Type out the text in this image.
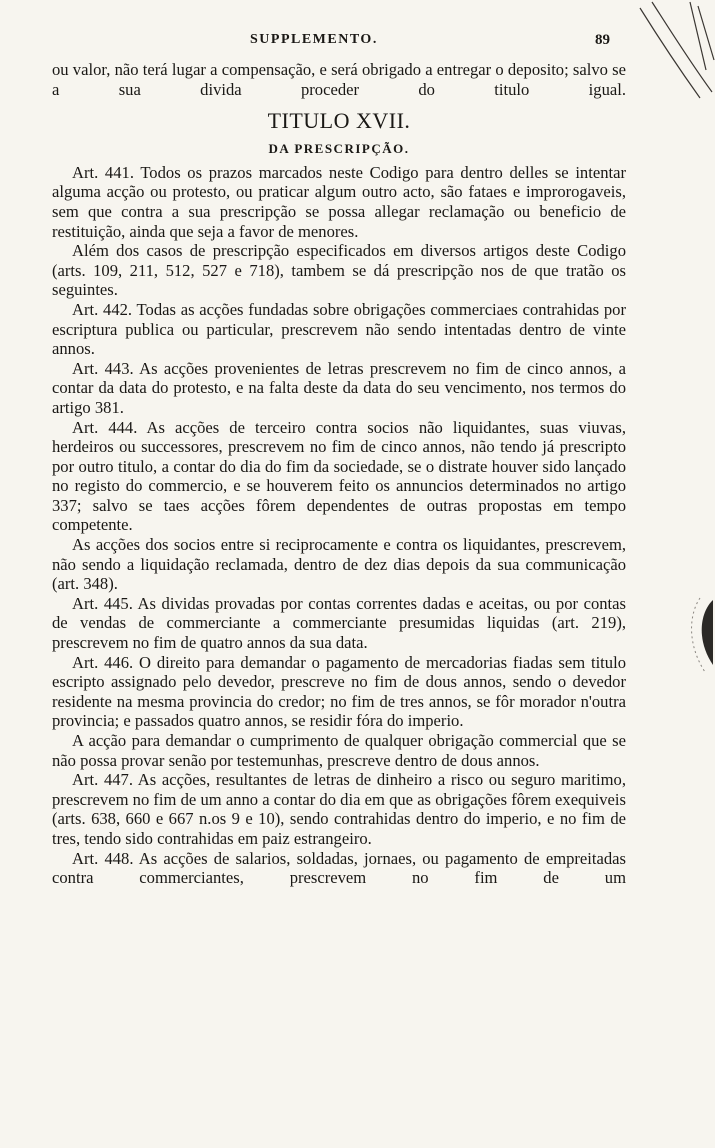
SUPPLEMENTO.	89

ou valor, não terá lugar a compensação, e será obrigado a entregar o deposito; salvo se a sua divida proceder do titulo igual.

TITULO XVII.

DA PRESCRIPÇÃO.

Art. 441. Todos os prazos marcados neste Codigo para dentro delles se intentar alguma acção ou protesto, ou praticar algum outro acto, são fataes e improrogaveis, sem que contra a sua prescripção se possa allegar reclamação ou beneficio de restituição, ainda que seja a favor de menores.

Além dos casos de prescripção especificados em diversos artigos deste Codigo (arts. 109, 211, 512, 527 e 718), tambem se dá prescripção nos de que tratão os seguintes.

Art. 442. Todas as acções fundadas sobre obrigações commerciaes contrahidas por escriptura publica ou particular, prescrevem não sendo intentadas dentro de vinte annos.

Art. 443. As acções provenientes de letras prescrevem no fim de cinco annos, a contar da data do protesto, e na falta deste da data do seu vencimento, nos termos do artigo 381.

Art. 444. As acções de terceiro contra socios não liquidantes, suas viuvas, herdeiros ou successores, prescrevem no fim de cinco annos, não tendo já prescripto por outro titulo, a contar do dia do fim da sociedade, se o distrate houver sido lançado no registo do commercio, e se houverem feito os annuncios determinados no artigo 337; salvo se taes acções fôrem dependentes de outras propostas em tempo competente.

As acções dos socios entre si reciprocamente e contra os liquidantes, prescrevem, não sendo a liquidação reclamada, dentro de dez dias depois da sua communicação (art. 348).

Art. 445. As dividas provadas por contas correntes dadas e aceitas, ou por contas de vendas de commerciante a commerciante presumidas liquidas (art. 219), prescrevem no fim de quatro annos da sua data.

Art. 446. O direito para demandar o pagamento de mercadorias fiadas sem titulo escripto assignado pelo devedor, prescreve no fim de dous annos, sendo o devedor residente na mesma provincia do credor; no fim de tres annos, se fôr morador n'outra provincia; e passados quatro annos, se residir fóra do imperio.

A acção para demandar o cumprimento de qualquer obrigação commercial que se não possa provar senão por testemunhas, prescreve dentro de dous annos.

Art. 447. As acções, resultantes de letras de dinheiro a risco ou seguro maritimo, prescrevem no fim de um anno a contar do dia em que as obrigações fôrem exequiveis (arts. 638, 660 e 667 n.os 9 e 10), sendo contrahidas dentro do imperio, e no fim de tres, tendo sido contrahidas em paiz estrangeiro.

Art. 448. As acções de salarios, soldadas, jornaes, ou pagamento de empreitadas contra commerciantes, prescrevem no fim de um
